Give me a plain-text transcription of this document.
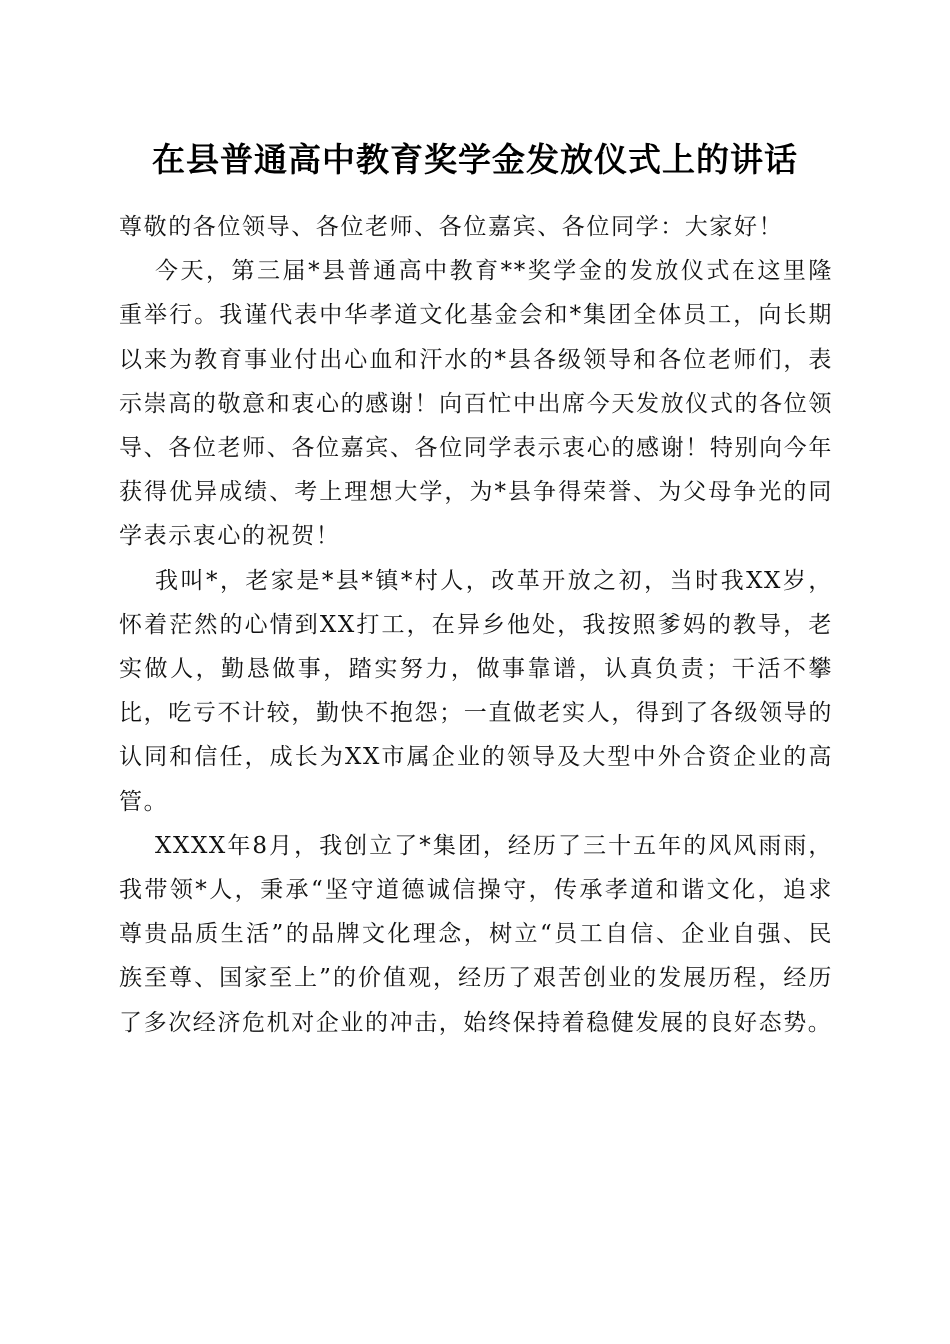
在县普通高中教育奖学金发放仪式上的讲话

尊敬的各位领导、各位老师、各位嘉宾、各位同学：大家好！

今天，第三届*县普通高中教育**奖学金的发放仪式在这里隆重举行。我谨代表中华孝道文化基金会和*集团全体员工，向长期以来为教育事业付出心血和汗水的*县各级领导和各位老师们，表示崇高的敬意和衷心的感谢！向百忙中出席今天发放仪式的各位领导、各位老师、各位嘉宾、各位同学表示衷心的感谢！特别向今年获得优异成绩、考上理想大学，为*县争得荣誉、为父母争光的同学表示衷心的祝贺！

我叫*，老家是*县*镇*村人，改革开放之初，当时我XX岁，怀着茫然的心情到XX打工，在异乡他处，我按照爹妈的教导，老实做人，勤恳做事，踏实努力，做事靠谱，认真负责；干活不攀比，吃亏不计较，勤快不抱怨；一直做老实人，得到了各级领导的认同和信任，成长为XX市属企业的领导及大型中外合资企业的高管。

XXXX年8月，我创立了*集团，经历了三十五年的风风雨雨，我带领*人，秉承“坚守道德诚信操守，传承孝道和谐文化，追求尊贵品质生活”的品牌文化理念，树立“员工自信、企业自强、民族至尊、国家至上”的价值观，经历了艰苦创业的发展历程，经历了多次经济危机对企业的冲击，始终保持着稳健发展的良好态势。
